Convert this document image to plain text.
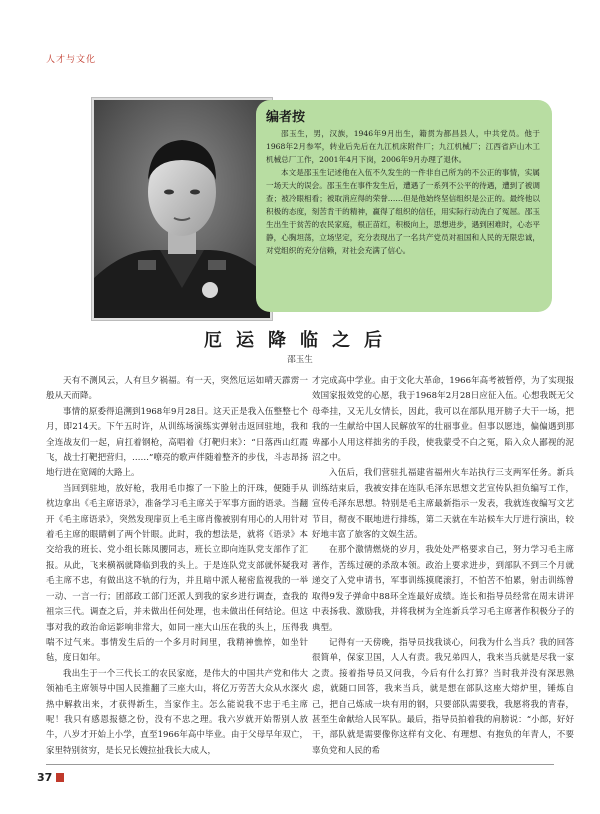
人才与文化
编者按

邵玉生，男，汉族，1946年9月出生，籍贯为都昌县人，中共党员。他于1968年2月参军，转业后先后在九江机床附件厂；九江机械厂；江西省庐山木工机械总厂工作，2001年4月下岗，2006年9月办理了退休。

本文是邵玉生记述他在入伍不久发生的一件非自己所为的不公正的事情，实属一场天大的误会。邵玉生在事件发生后，遭遇了一系列不公平的待遇，遭到了被调查；被冷眼相看；被取消应得的荣誉……但是他始终坚信组织是公正的。最终他以积极的态度，刻苦肯干的精神，赢得了组织的信任，用实际行动洗白了冤屈。邵玉生出生于贫苦的农民家庭，根正苗红，积极向上，思想进步，遇到困难时，心态平静，心胸坦荡，立场坚定，充分表现出了一名共产党员对祖国和人民的无限忠诚，对党组织的充分信赖，对社会充满了信心。

厄运降临之后
邵玉生

天有不测风云，人有旦夕祸福。有一天，突然厄运如晴天霹雳一般从天而降。

事情的原委得追溯到1968年9月28日。这天正是我入伍整整七个月，即214天。下午五时许，从训练场演练实弹射击返回驻地，我和全连战友们一起，肩扛着钢枪，高唱着《打靶归来》：“日落西山红霞飞，战士打靶把营归，……”嘹亮的歌声伴随着整齐的步伐，斗志昂扬地行进在宽阔的大路上。

当回到驻地，放好枪，我用毛巾擦了一下脸上的汗珠，便随手从枕边拿出《毛主席语录》，准备学习毛主席关于军事方面的语录。当翻开《毛主席语录》，突然发现扉页上毛主席肖像被别有用心的人用针对着毛主席的眼睛刺了两个针眼。此时，我的想法是，就将《语录》本交给我的班长、党小组长陈凤腰同志，班长立即向连队党支部作了汇报。从此，飞来横祸就降临到我的头上。于是连队党支部就怀疑我对毛主席不忠，有做出这不轨的行为，并且暗中派人秘密监视我的一举一动、一言一行；团部政工部门还派人到我的家乡进行调查，查我的祖宗三代。调查之后，并未做出任何处理，也未做出任何结论。但这事对我的政治命运影响非常大，如同一座大山压在我的头上，压得我喘不过气来。事情发生后的一个多月时间里，我精神憔悴，如坐针毡，度日如年。

我出生于一个三代长工的农民家庭，是伟大的中国共产党和伟大领袖毛主席领导中国人民推翻了三座大山，将亿万劳苦大众从水深火热中解救出来，才获得新生，当家作主。怎么能说我不忠于毛主席呢！我只有感恩报德之份，没有不忠之理。我六岁就开始帮别人放牛，八岁才开始上小学，直至1966年高中毕业。由于父母早年双亡，家里特别贫穷，是长兄长嫂拉扯我长大成人，

才完成高中学业。由于文化大革命，1966年高考被暂停，为了实现报效国家报效党的心愿，我于1968年2月28日应征入伍。心想我既无父母牵挂，又无儿女情长，因此，我可以在部队甩开膀子大干一场，把我的一生献给中国人民解放军的壮丽事业。但事以愿违，偏偏遇到那卑鄙小人用这样拙劣的手段，使我蒙受不白之冤，陷入众人鄙视的泥沼之中。

入伍后，我们营驻扎福建省福州火车站执行三支两军任务。新兵训练结束后，我被安排在连队毛泽东思想文艺宣传队担负编写工作，宣传毛泽东思想。特别是毛主席最新指示一发表，我就连夜编写文艺节目，彻夜不眠地进行排练，第二天就在车站候车大厅进行演出，较好地丰富了旅客的文娱生活。

在那个激情燃烧的岁月，我处处严格要求自己，努力学习毛主席著作，苦练过硬的杀敌本领。政治上要求进步，到部队不到三个月就递交了入党申请书，军事训练摸爬滚打，不怕苦不怕累，射击训练曾取得9发子弹命中88环全连最好成绩。连长和指导员经常在周末讲评中表扬我、激励我，并将我树为全连新兵学习毛主席著作积极分子的典型。

记得有一天傍晚，指导员找我谈心，问我为什么当兵？我的回答很简单，保家卫国，人人有责。我兄弟四人，我来当兵就是尽我一家之责。接着指导员又问我，今后有什么打算？当时我并没有深思熟虑，就随口回答，我来当兵，就是想在部队这座大熔炉里，锤炼自己，把自己炼成一块有用的钢，只要部队需要我，我愿将我的青春，甚至生命献给人民军队。最后，指导员拍着我的肩膀说：“小郎，好好干，部队就是需要像你这样有文化、有理想、有抱负的年青人，不要辜负党和人民的希

37
